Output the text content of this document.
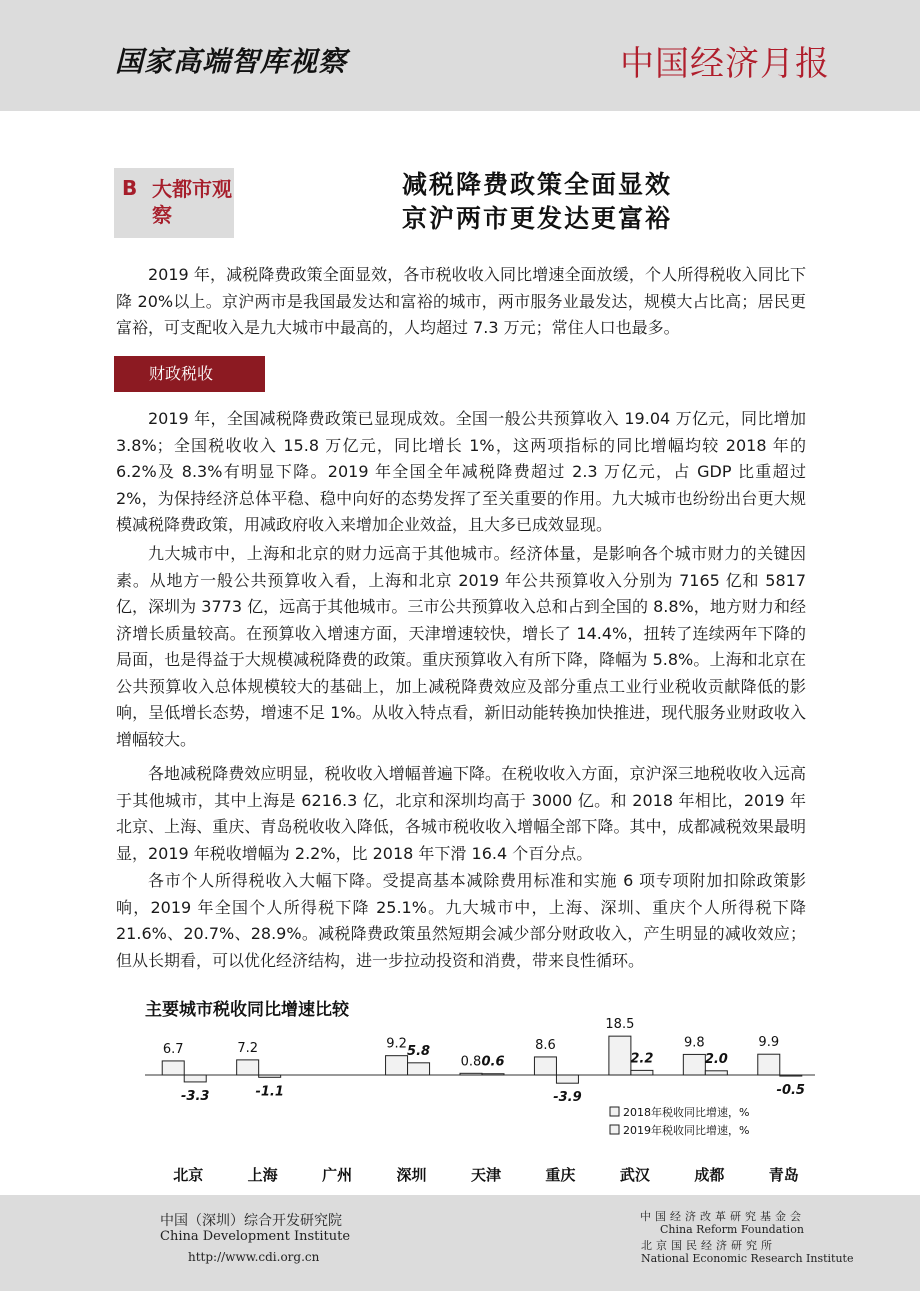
国家高端智库视察	中国经济月报
B 大都市观察
减税降费政策全面显效
京沪两市更发达更富裕

2019 年，减税降费政策全面显效，各市税收收入同比增速全面放缓，个人所得税收入同比下降 20%以上。京沪两市是我国最发达和富裕的城市，两市服务业最发达，规模大占比高；居民更富裕，可支配收入是九大城市中最高的，人均超过 7.3 万元；常住人口也最多。

财政税收

2019 年，全国减税降费政策已显现成效。全国一般公共预算收入 19.04 万亿元，同比增加 3.8%；全国税收收入 15.8 万亿元，同比增长 1%，这两项指标的同比增幅均较 2018 年的 6.2%及 8.3%有明显下降。2019 年全国全年减税降费超过 2.3 万亿元，占 GDP 比重超过 2%，为保持经济总体平稳、稳中向好的态势发挥了至关重要的作用。九大城市也纷纷出台更大规模减税降费政策，用减政府收入来增加企业效益，且大多已成效显现。

九大城市中，上海和北京的财力远高于其他城市。经济体量，是影响各个城市财力的关键因素。从地方一般公共预算收入看，上海和北京 2019 年公共预算收入分别为 7165 亿和 5817 亿，深圳为 3773 亿，远高于其他城市。三市公共预算收入总和占到全国的 8.8%，地方财力和经济增长质量较高。在预算收入增速方面，天津增速较快，增长了 14.4%，扭转了连续两年下降的局面，也是得益于大规模减税降费的政策。重庆预算收入有所下降，降幅为 5.8%。上海和北京在公共预算收入总体规模较大的基础上，加上减税降费效应及部分重点工业行业税收贡献降低的影响，呈低增长态势，增速不足 1%。从收入特点看，新旧动能转换加快推进，现代服务业财政收入增幅较大。

各地减税降费效应明显，税收收入增幅普遍下降。在税收收入方面，京沪深三地税收收入远高于其他城市，其中上海是 6216.3 亿，北京和深圳均高于 3000 亿。和 2018 年相比，2019 年北京、上海、重庆、青岛税收收入降低，各城市税收收入增幅全部下降。其中，成都减税效果最明显，2019 年税收增幅为 2.2%，比 2018 年下滑 16.4 个百分点。

各市个人所得税收入大幅下降。受提高基本减除费用标准和实施 6 项专项附加扣除政策影响，2019 年全国个人所得税下降 25.1%。九大城市中，上海、深圳、重庆个人所得税下降 21.6%、20.7%、28.9%。减税降费政策虽然短期会减少部分财政收入，产生明显的减收效应；但从长期看，可以优化经济结构，进一步拉动投资和消费，带来良性循环。

主要城市税收同比增速比较
6.7
-3.3
北京
7.2
-1.1
上海	广州
9.2 5.8
深圳
0.8 0.6
天津
8.6
-3.9
重庆
18.5
2.2
武汉
9.8
2.0
成都
9.9
-0.5
青岛
2018年税收同比增速，%
2019年税收同比增速，%
中国（深圳）综合开发研究院
China Development Institute
http://www.cdi.org.cn
中国经济改革研究基金会
China Reform Foundation
北京国民经济研究所
National Economic Research Institute
